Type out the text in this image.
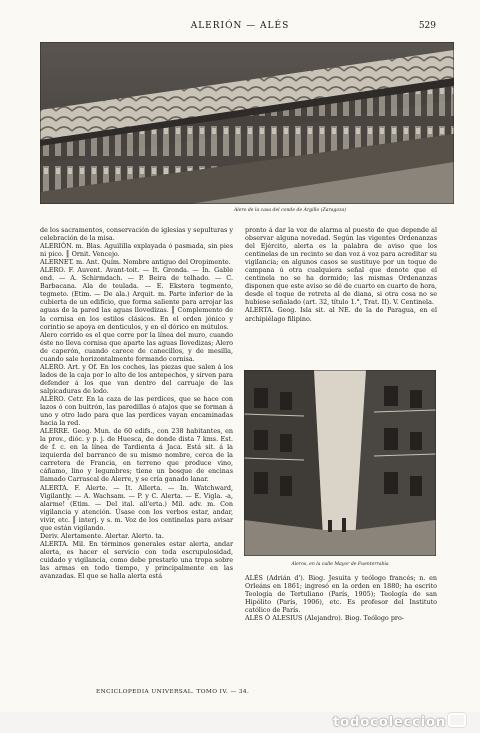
ALERIÓN — ALÉS	529
Alero de la casa del conde de Argillo (Zaragoza)

de los sacramentos, conservación de iglesias y sepulturas y celebración de la misa.

ALERIÓN. m. Blas. Aguililla explayada ó pasmada, sin pies ni pico. ║ Ornit. Vencejo.

ALERNET. m. Ant. Quím. Nombre antiguo del Oropimente.

ALERO. F. Auvent. Avant-toit. — It. Gronda. — In. Gable end. — A. Schirmdach. — P. Beira de telhado. — C. Barbacana. Ala de teulada. — E. Ekstera tegmento, tegmeto. (Etim. — De ala.) Arquit. m. Parte inferior de la cubierta de un edificio, que forma saliente para arrojar las aguas de la pared las aguas llovedizas. ║ Complemento de la cornisa en los estilos clásicos. En el orden jónico y corintio se apoya en denticulos, y en el dórico en mútulos.

Alero corrido es el que corre por la línea del muro, cuando éste no lleva cornisa que aparte las aguas llovedizas; Alero de caperón, cuando carece de canecillos, y de mesilla, cuando sale horizontalmente formando cornisa.

ALERO. Art. y Of. En los coches, las piezas que salen á los lados de la caja por lo alto de los antepechos, y sirven para defender á los que van dentro del carruaje de las salpicaduras de lodo.

ALERO. Cetr. En la caza de las perdices, que se hace con lazos ó con buitrón, las paredillas ó atajos que se forman á uno y otro lado para que las perdices vayan encaminadas hacia la red.

ALERRE. Geog. Mun. de 60 edifs., con 238 habitantes, en la prov., dióc. y p. j. de Huesca, de donde dista 7 kms. Est. de f. c. en la línea de Tardienta á Jaca. Está sit. á la izquierda del barranco de su mismo nombre, cerca de la carretera de Francia, en terreno que produce vino, cáñamo, lino y legumbres; tiene un bosque de encinas llamado Carrascal de Alerre, y se cría ganado lanar.

ALERTA. F. Alerte. — It. Allerta. — In. Watchward, Vigilantly. — A. Wachsam. — P. y C. Alerta. — E. Vigla. -a, alarme! (Etim. — Del ital. all'erta.) Mil. adv. m. Con vigilancia y atención. Úsase con los verbos estar, andar, vivir, etc. ║ interj. y s. m. Voz de los centinelas para avisar que están vigilando.

Deriv. Alertamente. Alertar. Alerto. ta.

ALERTA. Mil. En términos generales estar alerta, andar alerta, es hacer el servicio con toda escrupulosidad, cuidado y vigilancia, como debe prestarlo una tropa sobre las armas en todo tiempo, y principalmente en las avanzadas. El que se halla alerta está

pronto á dar la voz de alarma al puesto de que depende al observar alguna novedad. Según las vigentes Ordenanzas del Ejército, alerta es la palabra de aviso que los centinelas de un recinto se dan voz á voz para acreditar su vigilancia; en algunos casos se sustituye por un toque de campana ú otra cualquiera señal que denote que el centinela no se ha dormido; las mismas Ordenanzas disponen que este aviso se dé de cuarto en cuarto de hora, desde el toque de retreta al de diana, si otra cosa no se hubiese señalado (art. 32, título 1.°, Trat. II). V. Centinela.

ALERTA. Geog. Isla sit. al NE. de la de Paragua, en el archipiélago filipino.

Aleros, en la calle Mayor de Fuenterrabía

ALÉS (Adrián d'). Biog. Jesuita y teólogo francés; n. en Orleáns en 1861; ingresó en la orden en 1880; ha escrito Teología de Tertuliano (París, 1905); Teología de san Hipólito (París, 1906), etc. Es profesor del Instituto católico de París.

ALÉS Ó ALESIUS (Alejandro). Biog. Teólogo pro-

ENCICLOPEDIA UNIVERSAL. TOMO IV. — 34.
todocoleccion
